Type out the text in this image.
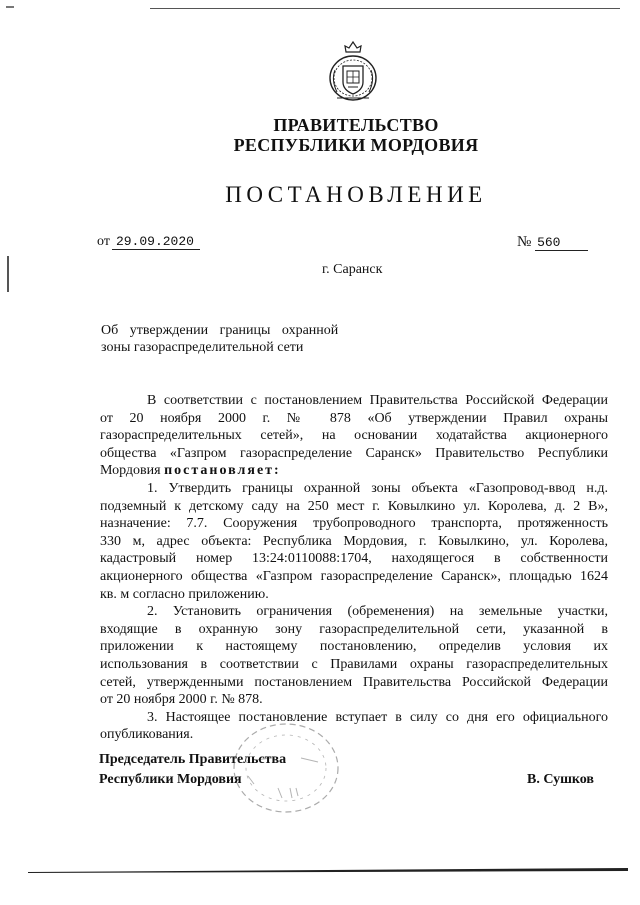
ПРАВИТЕЛЬСТВО
РЕСПУБЛИКИ МОРДОВИЯ
ПОСТАНОВЛЕНИЕ
от 29.09.2020	№ 560
г. Саранск
Об утверждении границы охранной
зоны газораспределительной сети
В соответствии с постановлением Правительства Российской Федерации
от 20 ноября 2000 г. № 878 «Об утверждении Правил охраны
газораспределительных сетей», на основании ходатайства акционерного
общества «Газпром газораспределение Саранск» Правительство Республики
Мордовия постановляет:
1. Утвердить границы охранной зоны объекта «Газопровод-ввод н.д.
подземный к детскому саду на 250 мест г. Ковылкино ул. Королева, д. 2 В»,
назначение: 7.7. Сооружения трубопроводного транспорта, протяженность
330 м, адрес объекта: Республика Мордовия, г. Ковылкино, ул. Королева,
кадастровый номер 13:24:0110088:1704, находящегося в собственности
акционерного общества «Газпром газораспределение Саранск», площадью 1624
кв. м согласно приложению.
2. Установить ограничения (обременения) на земельные участки,
входящие в охранную зону газораспределительной сети, указанной в
приложении к настоящему постановлению, определив условия их
использования в соответствии с Правилами охраны газораспределительных
сетей, утвержденными постановлением Правительства Российской Федерации
от 20 ноября 2000 г. № 878.
3. Настоящее постановление вступает в силу со дня его официального
опубликования.
Председатель Правительства
Республики Мордовия	В. Сушков
